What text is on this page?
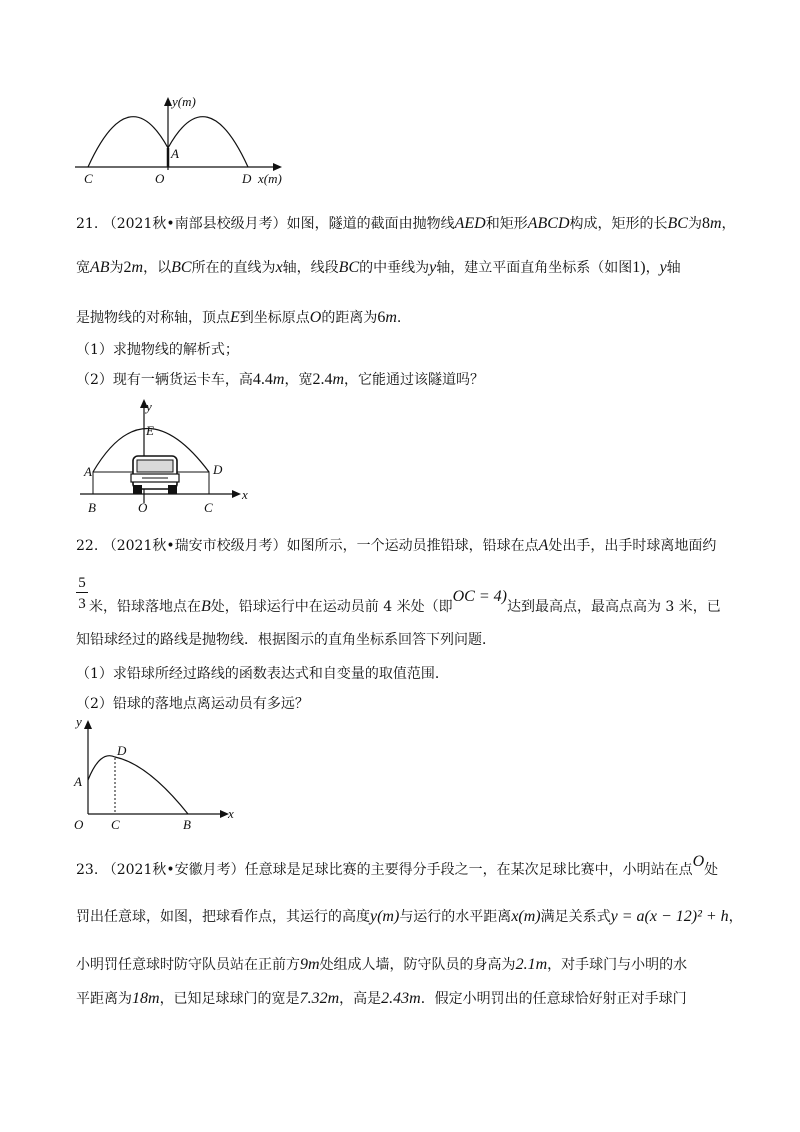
y(m)
A
C	O	D x(m)
21. （2021秋•南部县校级月考）如图，隧道的截面由抛物线AED和矩形ABCD构成，矩形的长BC为8m，
宽AB为2m，以BC所在的直线为x轴，线段BC的中垂线为y轴，建立平面直角坐标系（如图1)，y轴
是抛物线的对称轴，顶点E到坐标原点O的距离为6m.
（1）求抛物线的解析式；
（2）现有一辆货运卡车，高4.4m，宽2.4m，它能通过该隧道吗？
y
E
A	D
B	O	C
x
22. （2021秋•瑞安市校级月考）如图所示，一个运动员推铅球，铅球在点A处出手，出手时球离地面约
5
3 米，铅球落地点在B处，铅球运行中在运动员前 4 米处（即OC = 4)达到最高点，最高点高为 3 米，已
知铅球经过的路线是抛物线．根据图示的直角坐标系回答下列问题．
（1）求铅球所经过路线的函数表达式和自变量的取值范围．
（2）铅球的落地点离运动员有多远？
y
D
A
O C	B
x
23. （2021秋•安徽月考）任意球是足球比赛的主要得分手段之一，在某次足球比赛中，小明站在点O处
罚出任意球，如图，把球看作点，其运行的高度y(m)与运行的水平距离x(m)满足关系式y = a(x − 12)² + h，
小明罚任意球时防守队员站在正前方9m处组成人墙，防守队员的身高为2.1m，对手球门与小明的水
平距离为18m，已知足球球门的宽是7.32m，高是2.43m．假定小明罚出的任意球恰好射正对手球门
